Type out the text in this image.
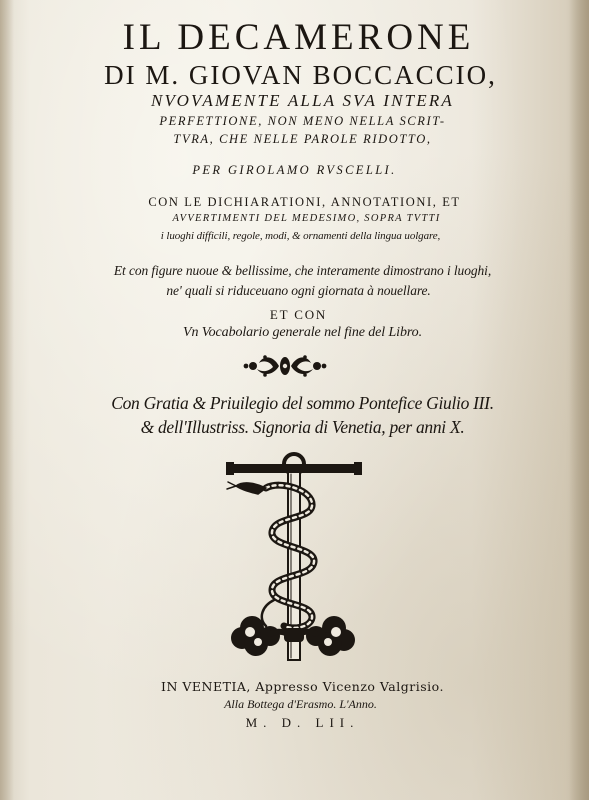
IL DECAMERONE

DI M. GIOVAN BOCCACCIO,

NVOVAMENTE ALLA SVA INTERA

PERFETTIONE, NON MENO NELLA SCRIT-

TVRA, CHE NELLE PAROLE RIDOTTO,

PER GIROLAMO RVSCELLI.

CON LE DICHIARATIONI, ANNOTATIONI, ET

AVVERTIMENTI DEL MEDESIMO, SOPRA TVTTI

i luoghi difficili, regole, modi, & ornamenti della lingua uolgare,

Et con figure nuoue & bellissime, che interamente dimostrano i luoghi,

ne' quali si riduceuano ogni giornata à nouellare.

ET CON

Vn Vocabolario generale nel fine del Libro.

Con Gratia & Priuilegio del sommo Pontefice Giulio III.

& dell'Illustriss. Signoria di Venetia, per anni X.

IN VENETIA, Appresso Vicenzo Valgrisio.

Alla Bottega d'Erasmo. L'Anno.

M. D. LII.
